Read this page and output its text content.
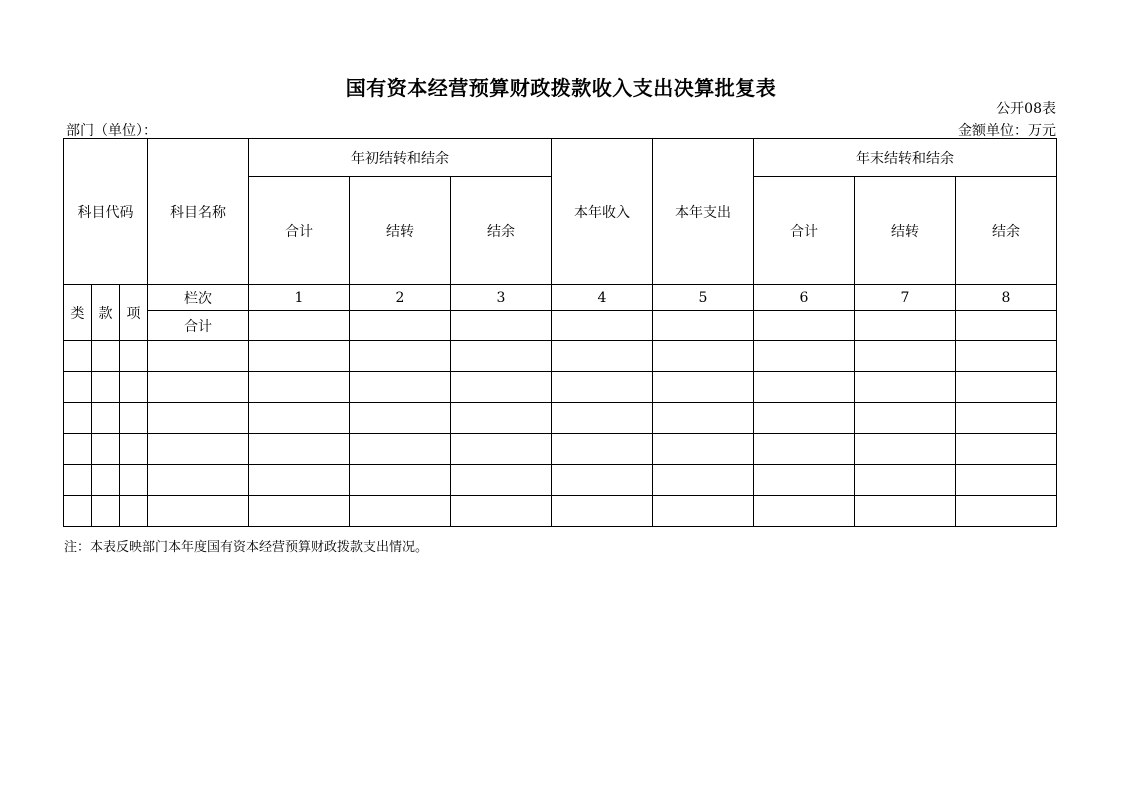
国有资本经营预算财政拨款收入支出决算批复表
公开08表
部门（单位）：	金额单位：万元
科目代码			科目名称	年初结转和结余			本年收入	本年支出	年末结转和结余		
				合计	结转	结余			合计	结转	结余
类	款	项	栏次	1	2	3	4	5	6	7	8
			合计								

注：本表反映部门本年度国有资本经营预算财政拨款支出情况。
